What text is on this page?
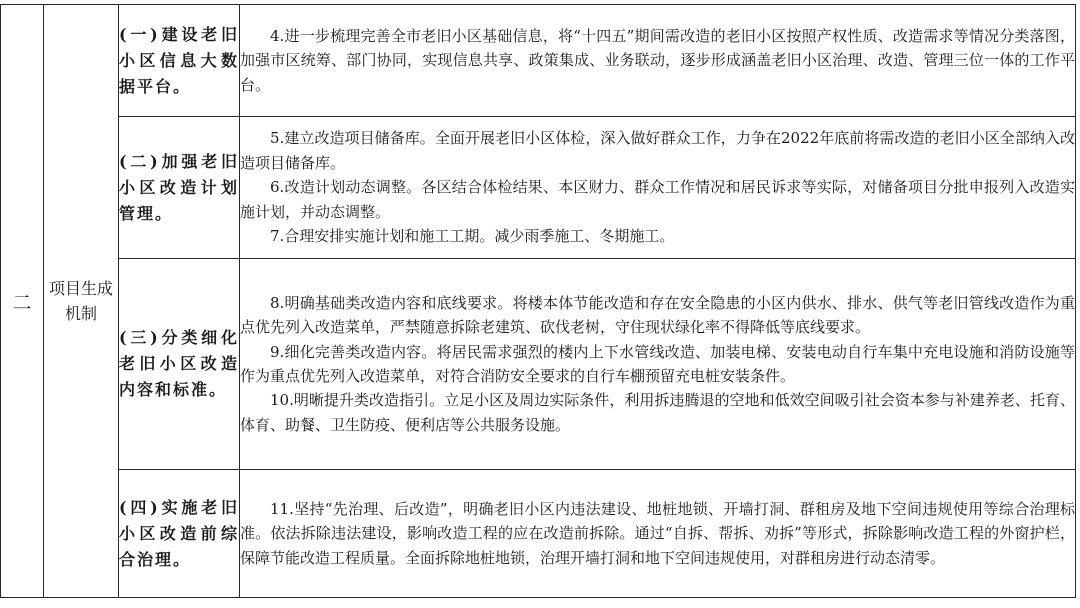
二	项目生成机制	(一)建设老旧小区信息大数据平台。	4.进一步梳理完善全市老旧小区基础信息，将“十四五”期间需改造的老旧小区按照产权性质、改造需求等情况分类落图，加强市区统筹、部门协同，实现信息共享、政策集成、业务联动，逐步形成涵盖老旧小区治理、改造、管理三位一体的工作平台。

		(二)加强老旧小区改造计划管理。	5.建立改造项目储备库。全面开展老旧小区体检，深入做好群众工作，力争在2022年底前将需改造的老旧小区全部纳入改造项目储备库。

6.改造计划动态调整。各区结合体检结果、本区财力、群众工作情况和居民诉求等实际，对储备项目分批申报列入改造实施计划，并动态调整。

7.合理安排实施计划和施工工期。减少雨季施工、冬期施工。

		(三)分类细化老旧小区改造内容和标准。	8.明确基础类改造内容和底线要求。将楼本体节能改造和存在安全隐患的小区内供水、排水、供气等老旧管线改造作为重点优先列入改造菜单，严禁随意拆除老建筑、砍伐老树，守住现状绿化率不得降低等底线要求。

9.细化完善类改造内容。将居民需求强烈的楼内上下水管线改造、加装电梯、安装电动自行车集中充电设施和消防设施等作为重点优先列入改造菜单，对符合消防安全要求的自行车棚预留充电桩安装条件。

10.明晰提升类改造指引。立足小区及周边实际条件，利用拆违腾退的空地和低效空间吸引社会资本参与补建养老、托育、体育、助餐、卫生防疫、便利店等公共服务设施。

		(四)实施老旧小区改造前综合治理。	11.坚持“先治理、后改造”，明确老旧小区内违法建设、地桩地锁、开墙打洞、群租房及地下空间违规使用等综合治理标准。依法拆除违法建设，影响改造工程的应在改造前拆除。通过“自拆、帮拆、劝拆”等形式，拆除影响改造工程的外窗护栏，保障节能改造工程质量。全面拆除地桩地锁，治理开墙打洞和地下空间违规使用，对群租房进行动态清零。
